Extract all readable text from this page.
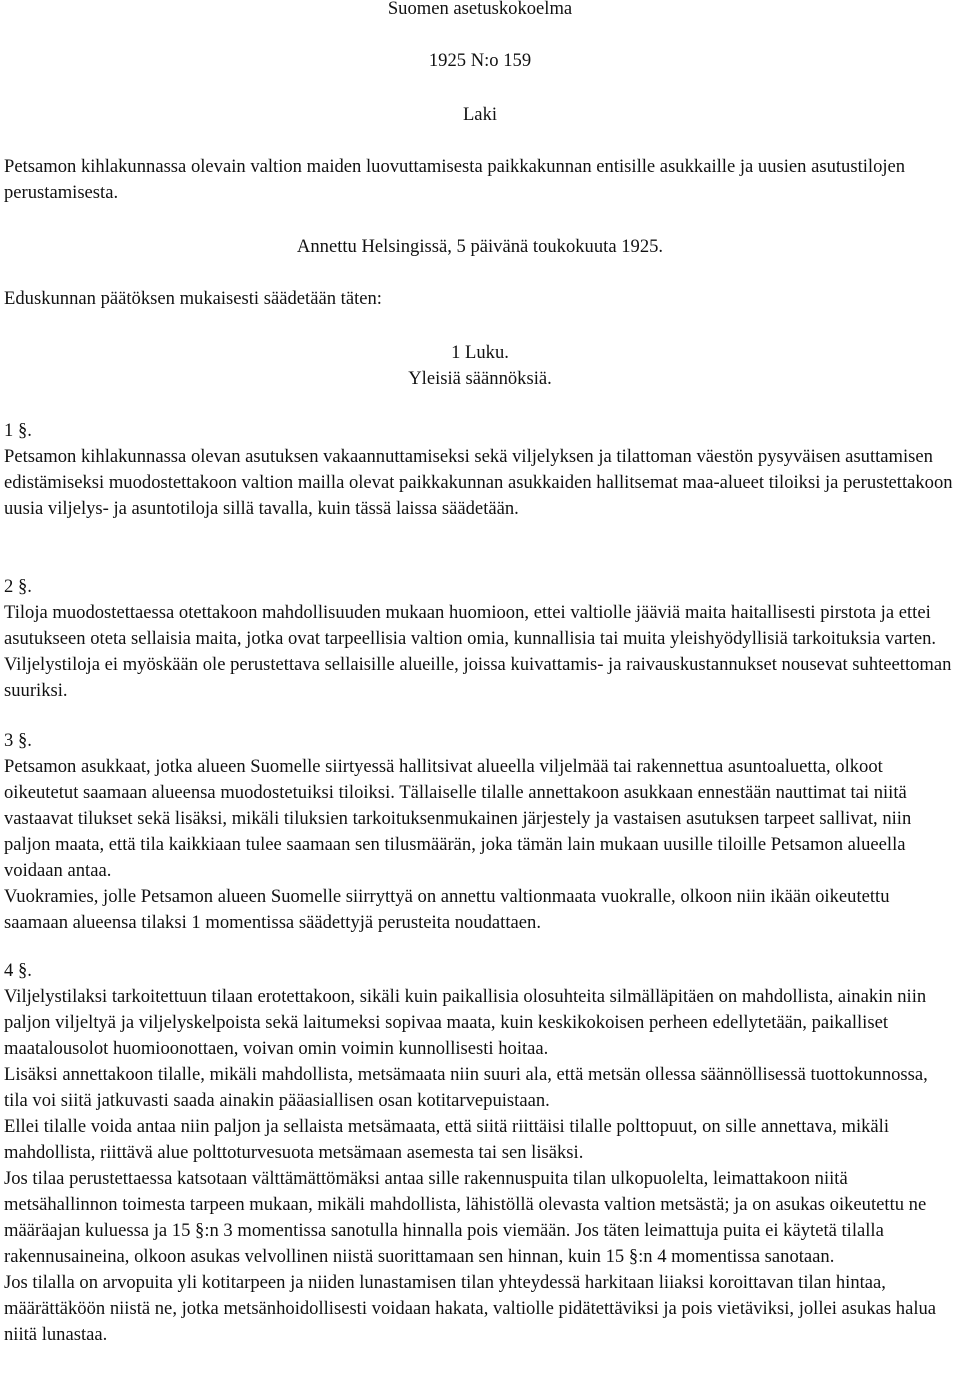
Suomen asetuskokoelma
1925 N:o 159
Laki
Petsamon kihlakunnassa olevain valtion maiden luovuttamisesta paikkakunnan entisille asukkaille ja uusien asutustilojen perustamisesta.
Annettu Helsingissä, 5 päivänä toukokuuta 1925.
Eduskunnan päätöksen mukaisesti säädetään täten:
1 Luku.
Yleisiä säännöksiä.

1 §.

Petsamon kihlakunnassa olevan asutuksen vakaannuttamiseksi sekä viljelyksen ja tilattoman väestön pysyväisen asuttamisen edistämiseksi muodostettakoon valtion mailla olevat paikkakunnan asukkaiden hallitsemat maa-alueet tiloiksi ja perustettakoon uusia viljelys- ja asuntotiloja sillä tavalla, kuin tässä laissa säädetään.

2 §.

Tiloja muodostettaessa otettakoon mahdollisuuden mukaan huomioon, ettei valtiolle jääviä maita haitallisesti pirstota ja ettei asutukseen oteta sellaisia maita, jotka ovat tarpeellisia valtion omia, kunnallisia tai muita yleishyödyllisiä tarkoituksia varten. Viljelystiloja ei myöskään ole perustettava sellaisille alueille, joissa kuivattamis- ja raivauskustannukset nousevat suhteettoman suuriksi.

3 §.

Petsamon asukkaat, jotka alueen Suomelle siirtyessä hallitsivat alueella viljelmää tai rakennettua asuntoaluetta, olkoot oikeutetut saamaan alueensa muodostetuiksi tiloiksi. Tällaiselle tilalle annettakoon asukkaan ennestään nauttimat tai niitä vastaavat tilukset sekä lisäksi, mikäli tiluksien tarkoituksenmukainen järjestely ja vastaisen asutuksen tarpeet sallivat, niin paljon maata, että tila kaikkiaan tulee saamaan sen tilusmäärän, joka tämän lain mukaan uusille tiloille Petsamon alueella voidaan antaa.

Vuokramies, jolle Petsamon alueen Suomelle siirryttyä on annettu valtionmaata vuokralle, olkoon niin ikään oikeutettu saamaan alueensa tilaksi 1 momentissa säädettyjä perusteita noudattaen.

4 §.

Viljelystilaksi tarkoitettuun tilaan erotettakoon, sikäli kuin paikallisia olosuhteita silmälläpitäen on mahdollista, ainakin niin paljon viljeltyä ja viljelyskelpoista sekä laitumeksi sopivaa maata, kuin keskikokoisen perheen edellytetään, paikalliset maatalousolot huomioonottaen, voivan omin voimin kunnollisesti hoitaa.

Lisäksi annettakoon tilalle, mikäli mahdollista, metsämaata niin suuri ala, että metsän ollessa säännöllisessä tuottokunnossa, tila voi siitä jatkuvasti saada ainakin pääasiallisen osan kotitarvepuistaan.

Ellei tilalle voida antaa niin paljon ja sellaista metsämaata, että siitä riittäisi tilalle polttopuut, on sille annettava, mikäli mahdollista, riittävä alue polttoturvesuota metsämaan asemesta tai sen lisäksi.

Jos tilaa perustettaessa katsotaan välttämättömäksi antaa sille rakennuspuita tilan ulkopuolelta, leimattakoon niitä metsähallinnon toimesta tarpeen mukaan, mikäli mahdollista, lähistöllä olevasta valtion metsästä; ja on asukas oikeutettu ne määräajan kuluessa ja 15 §:n 3 momentissa sanotulla hinnalla pois viemään. Jos täten leimattuja puita ei käytetä tilalla rakennusaineina, olkoon asukas velvollinen niistä suorittamaan sen hinnan, kuin 15 §:n 4 momentissa sanotaan.

Jos tilalla on arvopuita yli kotitarpeen ja niiden lunastamisen tilan yhteydessä harkitaan liiaksi koroittavan tilan hintaa, määrättäköön niistä ne, jotka metsänhoidollisesti voidaan hakata, valtiolle pidätettäviksi ja pois vietäviksi, jollei asukas halua niitä lunastaa.
